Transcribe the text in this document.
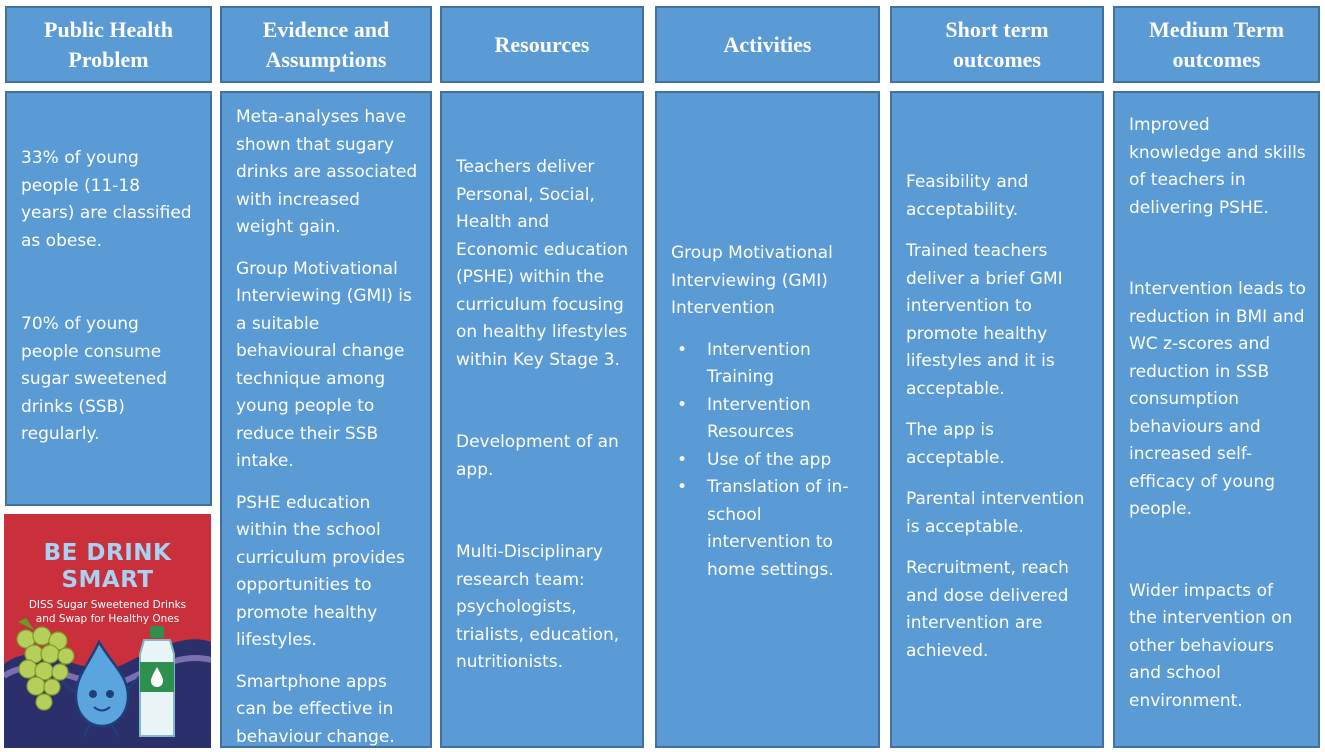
Public Health Problem
Evidence and Assumptions
Resources	Activities
Short term outcomes
Medium Term outcomes

33% of young people (11-18 years) are classified as obese.

70% of young people consume sugar sweetened drinks (SSB) regularly.

BE DRINK
SMART
DISS Sugar Sweetened Drinks
and Swap for Healthy Ones

Meta-analyses have shown that sugary drinks are associated with increased weight gain.

Group Motivational Interviewing (GMI) is a suitable behavioural change technique among young people to reduce their SSB intake.

PSHE education within the school curriculum provides opportunities to promote healthy lifestyles.

Smartphone apps can be effective in behaviour change.

Teachers deliver Personal, Social, Health and Economic education (PSHE) within the curriculum focusing on healthy lifestyles within Key Stage 3.

Development of an app.

Multi-Disciplinary research team: psychologists, trialists, education, nutritionists.

Group Motivational Interviewing (GMI) Intervention

• Intervention Training
• Intervention Resources
• Use of the app
• Translation of in-school intervention to home settings.

Feasibility and acceptability.

Trained teachers deliver a brief GMI intervention to promote healthy lifestyles and it is acceptable.

The app is acceptable.

Parental intervention is acceptable.

Recruitment, reach and dose delivered intervention are achieved.

Improved knowledge and skills of teachers in delivering PSHE.

Intervention leads to reduction in BMI and WC z-scores and reduction in SSB consumption behaviours and increased self-efficacy of young people.

Wider impacts of the intervention on other behaviours and school environment.
